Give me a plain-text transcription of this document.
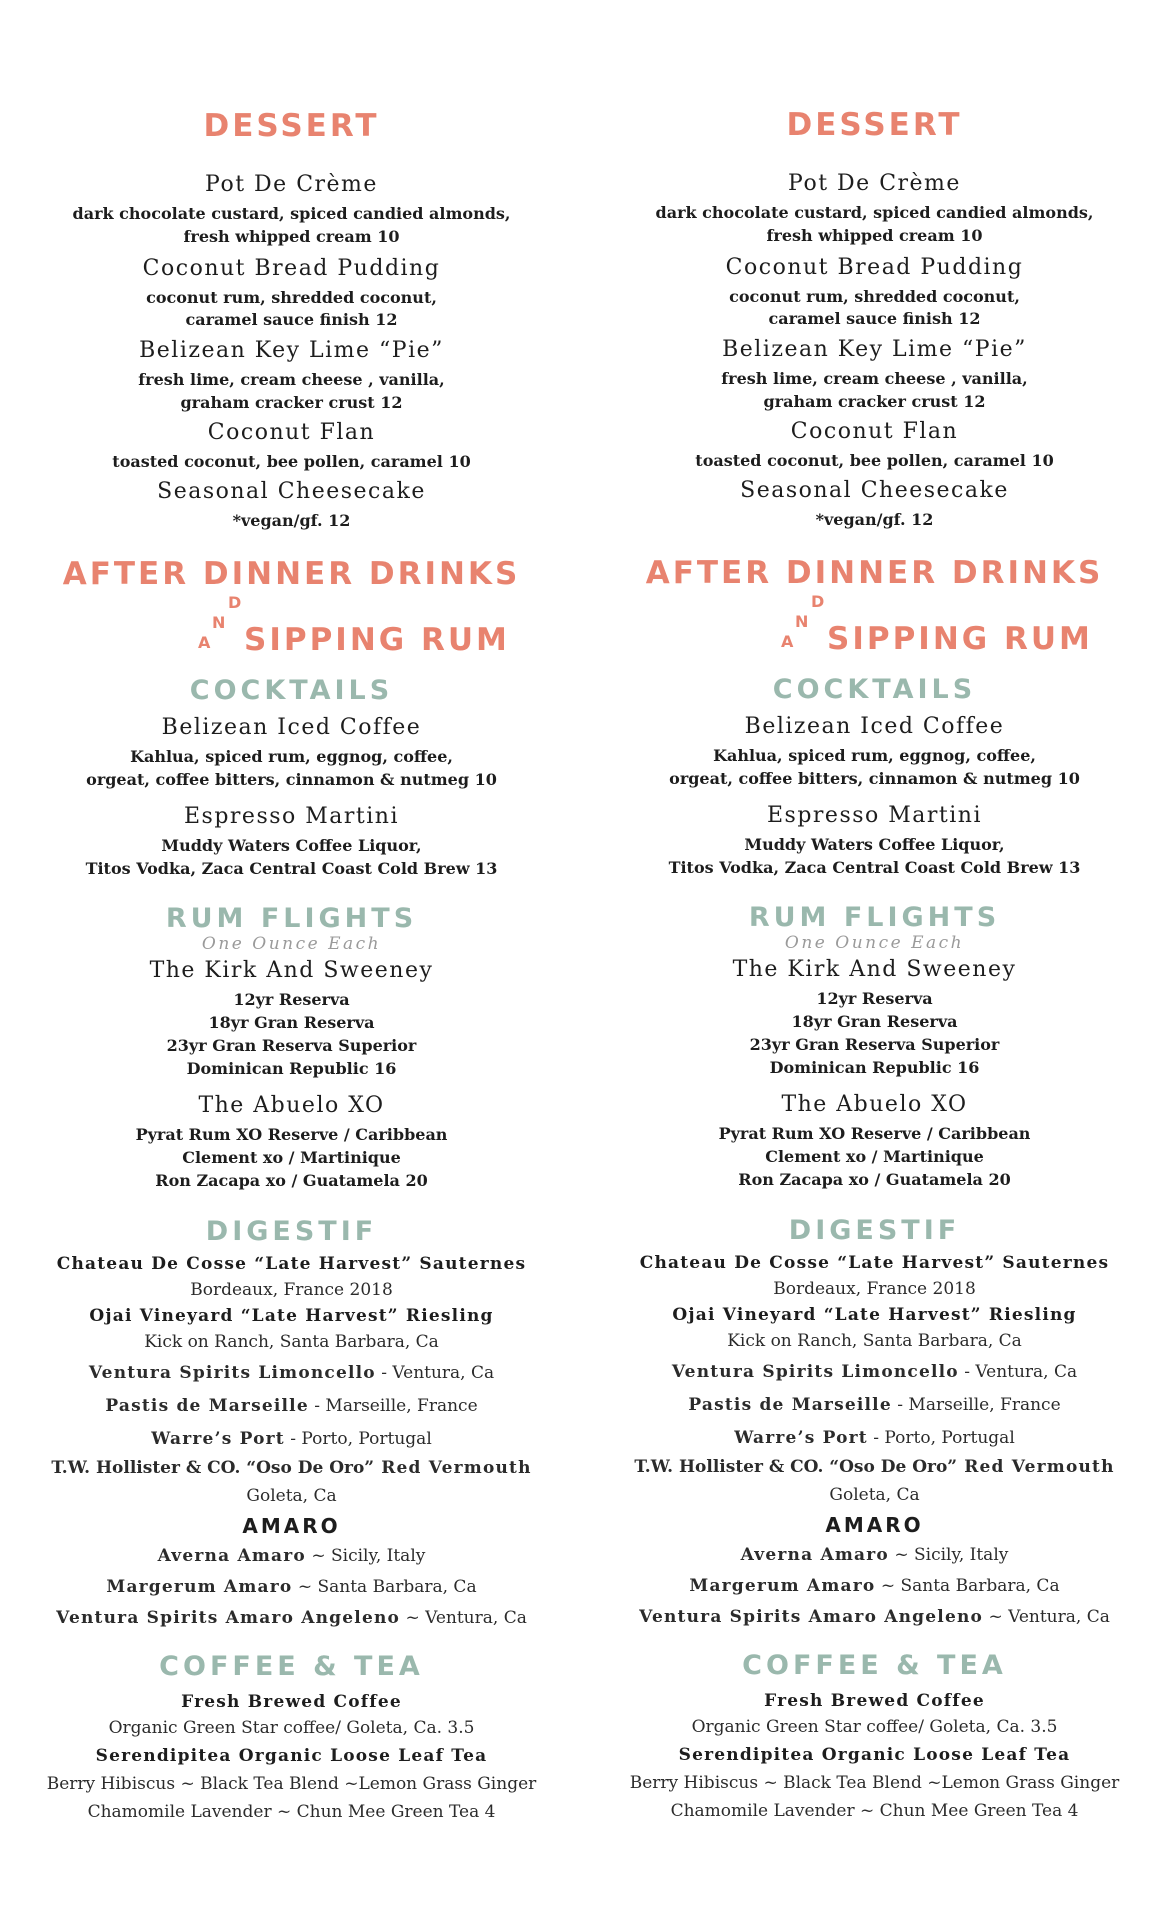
DESSERT
Pot De Crème
dark chocolate custard, spiced candied almonds,
fresh whipped cream 10
Coconut Bread Pudding
coconut rum, shredded coconut,
caramel sauce finish 12
Belizean Key Lime “Pie”
fresh lime, cream cheese , vanilla,
graham cracker crust 12
Coconut Flan
toasted coconut, bee pollen, caramel 10
Seasonal Cheesecake
*vegan/gf. 12
AFTER DINNER DRINKS
A
N
D
SIPPING RUM
COCKTAILS
Belizean Iced Coffee
Kahlua, spiced rum, eggnog, coffee,
orgeat, coffee bitters, cinnamon & nutmeg 10
Espresso Martini
Muddy Waters Coffee Liquor,
Titos Vodka, Zaca Central Coast Cold Brew 13
RUM FLIGHTS
One Ounce Each
The Kirk And Sweeney
12yr Reserva
18yr Gran Reserva
23yr Gran Reserva Superior
Dominican Republic 16
The Abuelo XO
Pyrat Rum XO Reserve / Caribbean
Clement xo / Martinique
Ron Zacapa xo / Guatamela 20
DIGESTIF
Chateau De Cosse “Late Harvest” Sauternes
Bordeaux, France 2018
Ojai Vineyard “Late Harvest” Riesling
Kick on Ranch, Santa Barbara, Ca
Ventura Spirits Limoncello - Ventura, Ca
Pastis de Marseille - Marseille, France
Warre’s Port - Porto, Portugal
T.W. Hollister & CO. “Oso De Oro” Red Vermouth
Goleta, Ca
AMARO
Averna Amaro ~ Sicily, Italy
Margerum Amaro ~ Santa Barbara, Ca
Ventura Spirits Amaro Angeleno ~ Ventura, Ca
COFFEE & TEA
Fresh Brewed Coffee
Organic Green Star coffee/ Goleta, Ca. 3.5
Serendipitea Organic Loose Leaf Tea
Berry Hibiscus ~ Black Tea Blend ~Lemon Grass Ginger
Chamomile Lavender ~ Chun Mee Green Tea 4
DESSERT
Pot De Crème
dark chocolate custard, spiced candied almonds,
fresh whipped cream 10
Coconut Bread Pudding
coconut rum, shredded coconut,
caramel sauce finish 12
Belizean Key Lime “Pie”
fresh lime, cream cheese , vanilla,
graham cracker crust 12
Coconut Flan
toasted coconut, bee pollen, caramel 10
Seasonal Cheesecake
*vegan/gf. 12
AFTER DINNER DRINKS
A
N
D
SIPPING RUM
COCKTAILS
Belizean Iced Coffee
Kahlua, spiced rum, eggnog, coffee,
orgeat, coffee bitters, cinnamon & nutmeg 10
Espresso Martini
Muddy Waters Coffee Liquor,
Titos Vodka, Zaca Central Coast Cold Brew 13
RUM FLIGHTS
One Ounce Each
The Kirk And Sweeney
12yr Reserva
18yr Gran Reserva
23yr Gran Reserva Superior
Dominican Republic 16
The Abuelo XO
Pyrat Rum XO Reserve / Caribbean
Clement xo / Martinique
Ron Zacapa xo / Guatamela 20
DIGESTIF
Chateau De Cosse “Late Harvest” Sauternes
Bordeaux, France 2018
Ojai Vineyard “Late Harvest” Riesling
Kick on Ranch, Santa Barbara, Ca
Ventura Spirits Limoncello - Ventura, Ca
Pastis de Marseille - Marseille, France
Warre’s Port - Porto, Portugal
T.W. Hollister & CO. “Oso De Oro” Red Vermouth
Goleta, Ca
AMARO
Averna Amaro ~ Sicily, Italy
Margerum Amaro ~ Santa Barbara, Ca
Ventura Spirits Amaro Angeleno ~ Ventura, Ca
COFFEE & TEA
Fresh Brewed Coffee
Organic Green Star coffee/ Goleta, Ca. 3.5
Serendipitea Organic Loose Leaf Tea
Berry Hibiscus ~ Black Tea Blend ~Lemon Grass Ginger
Chamomile Lavender ~ Chun Mee Green Tea 4
